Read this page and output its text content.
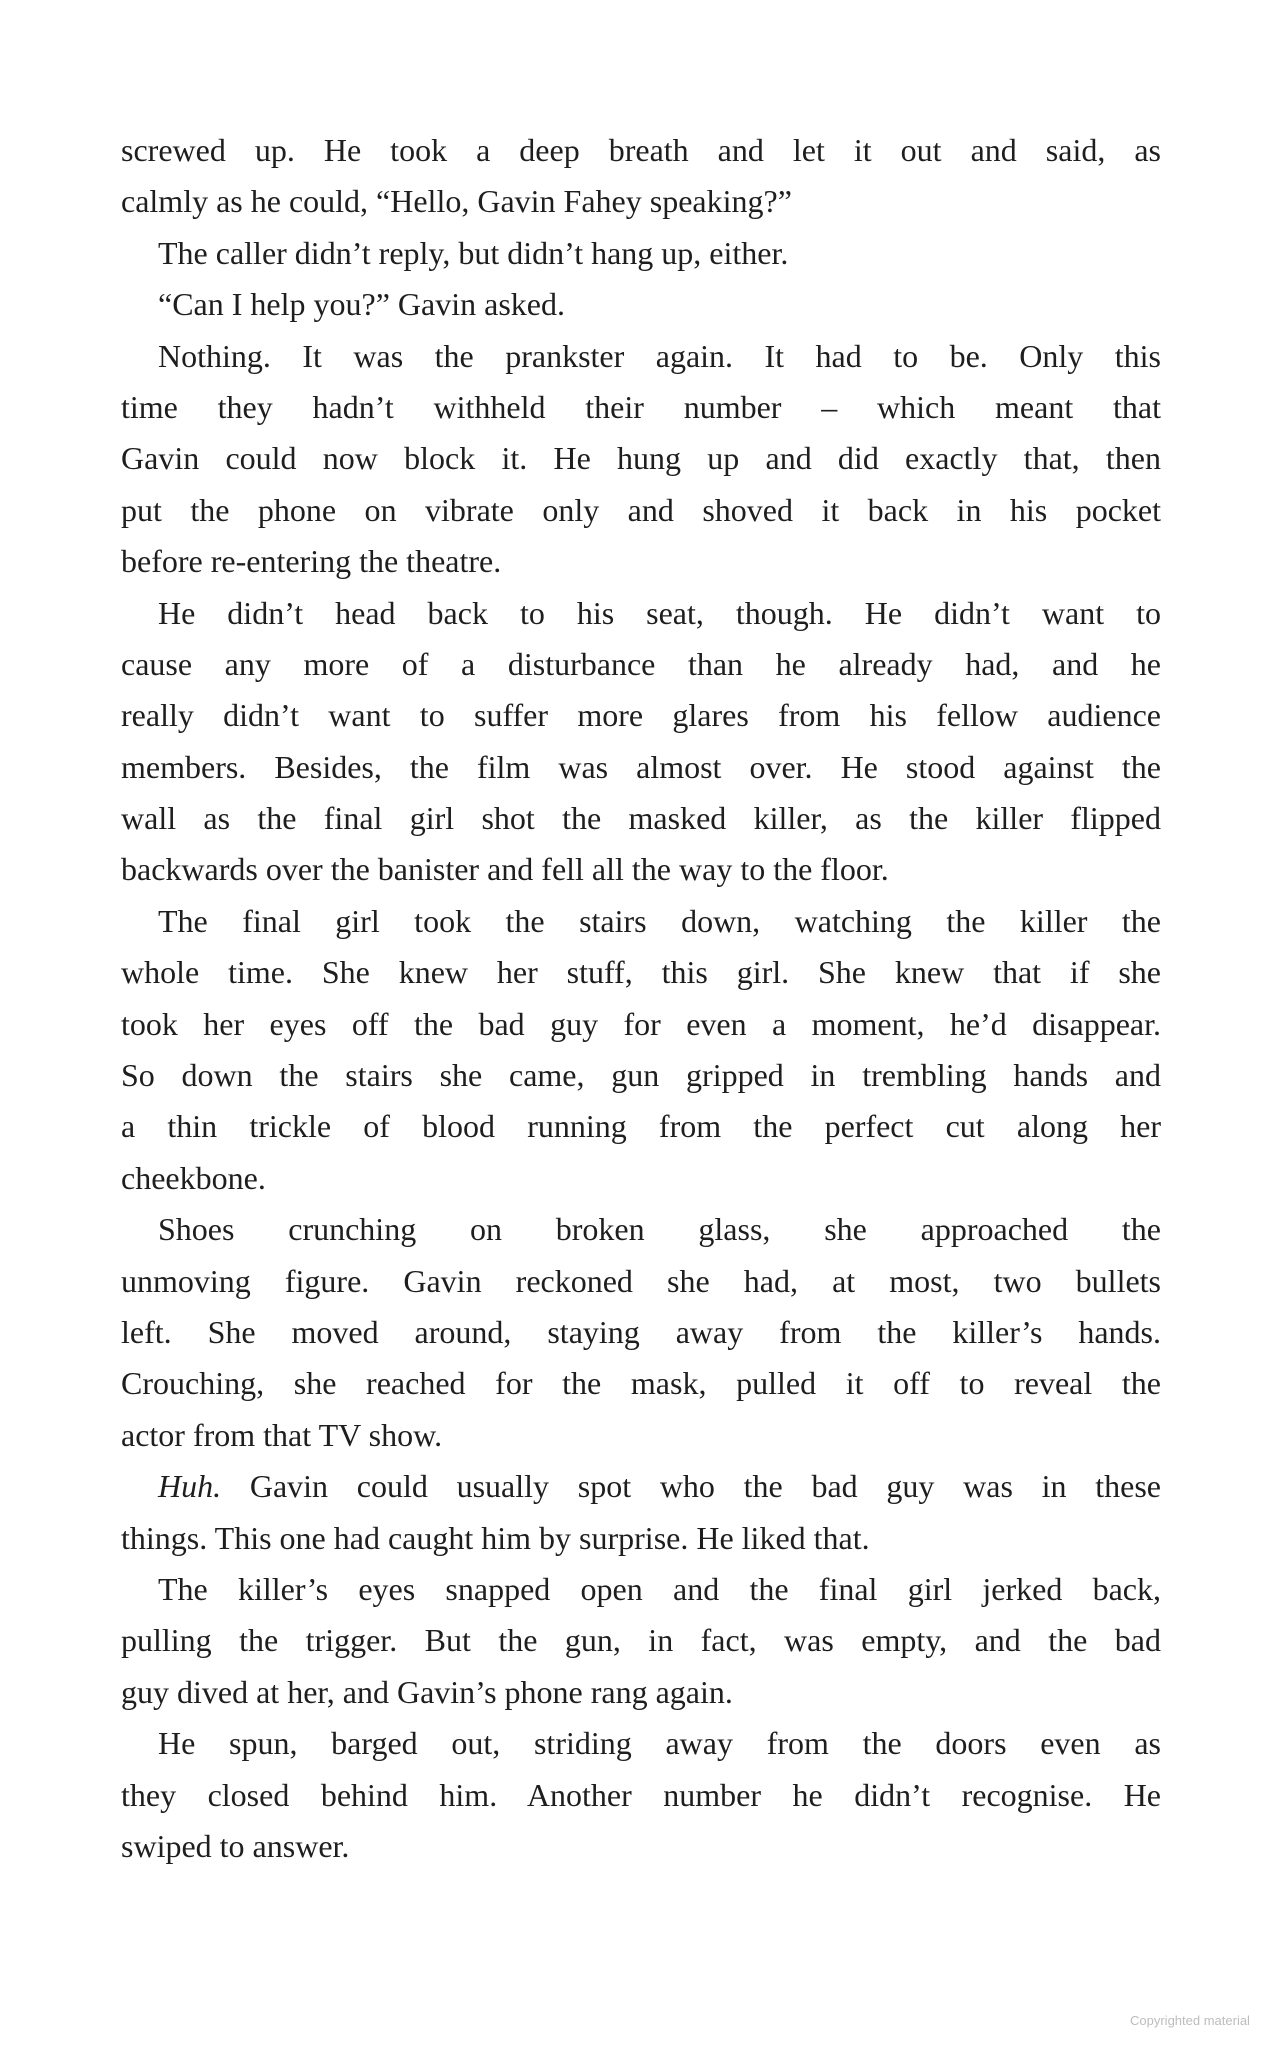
screwed up. He took a deep breath and let it out and said, as
calmly as he could, “Hello, Gavin Fahey speaking?”
The caller didn’t reply, but didn’t hang up, either.
“Can I help you?” Gavin asked.
Nothing. It was the prankster again. It had to be. Only this
time they hadn’t withheld their number – which meant that
Gavin could now block it. He hung up and did exactly that, then
put the phone on vibrate only and shoved it back in his pocket
before re-entering the theatre.
He didn’t head back to his seat, though. He didn’t want to
cause any more of a disturbance than he already had, and he
really didn’t want to suffer more glares from his fellow audience
members. Besides, the film was almost over. He stood against the
wall as the final girl shot the masked killer, as the killer flipped
backwards over the banister and fell all the way to the floor.
The final girl took the stairs down, watching the killer the
whole time. She knew her stuff, this girl. She knew that if she
took her eyes off the bad guy for even a moment, he’d disappear.
So down the stairs she came, gun gripped in trembling hands and
a thin trickle of blood running from the perfect cut along her
cheekbone.
Shoes crunching on broken glass, she approached the
unmoving figure. Gavin reckoned she had, at most, two bullets
left. She moved around, staying away from the killer’s hands.
Crouching, she reached for the mask, pulled it off to reveal the
actor from that TV show.
Huh. Gavin could usually spot who the bad guy was in these
things. This one had caught him by surprise. He liked that.
The killer’s eyes snapped open and the final girl jerked back,
pulling the trigger. But the gun, in fact, was empty, and the bad
guy dived at her, and Gavin’s phone rang again.
He spun, barged out, striding away from the doors even as
they closed behind him. Another number he didn’t recognise. He
swiped to answer.
Copyrighted material
